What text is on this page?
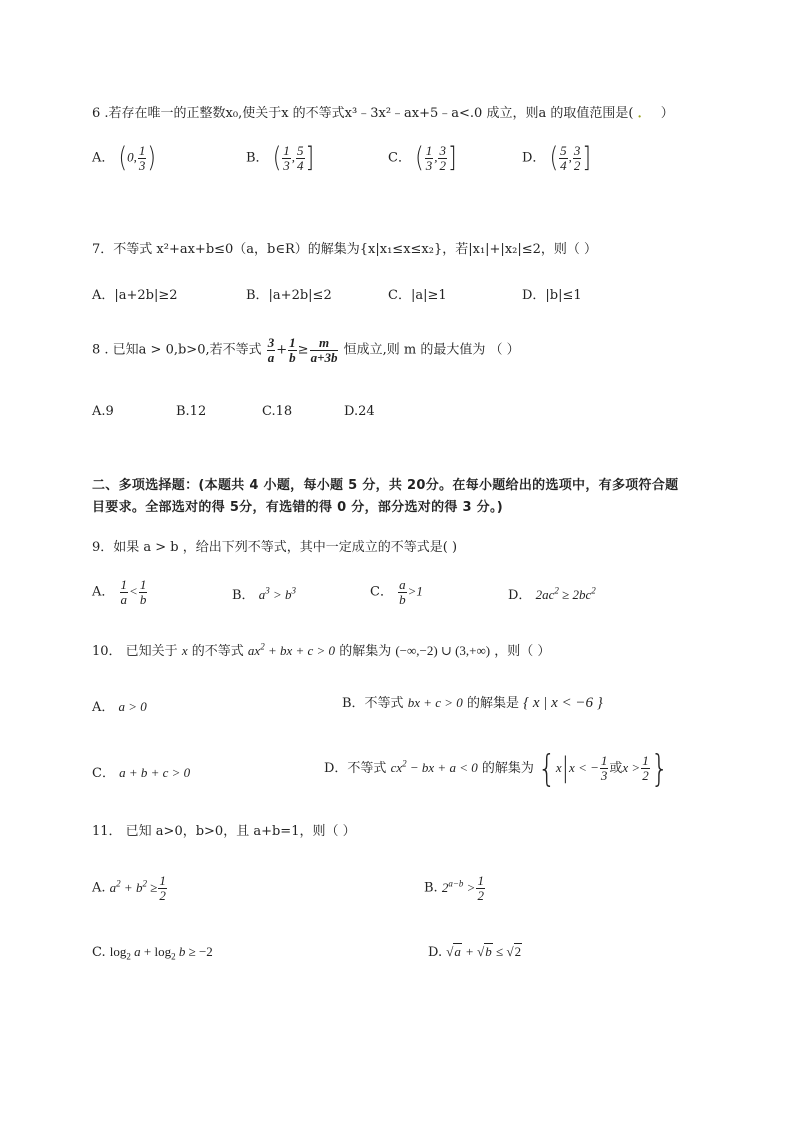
6 .若存在唯一的正整数x₀,使关于x 的不等式x³﹣3x²﹣ax+5﹣a<.0 成立，则a 的取值范围是( ． ）
A． (0, $\frac{1}{3}$ )	B． ( $\frac{1}{3}$ , $\frac{5}{4}$ ]	C． ( $\frac{1}{3}$ , $\frac{3}{2}$ ]	D． ( $\frac{5}{4}$ , $\frac{3}{2}$ ]
7．不等式 x²+ax+b≤0（a，b∈R）的解集为{x|x₁≤x≤x₂}，若|x₁|+|x₂|≤2，则（ ）
A．|a+2b|≥2	B．|a+2b|≤2	C．|a|≥1	D．|b|≤1
8 . 已知a > 0,b>0,若不等式 $\frac{3}{a} + \frac{1}{b} \ge \frac{m}{a+3b}$ 恒成立,则 m 的最大值为 （ ）
A.9	B.12	C.18	D.24
二、多项选择题：(本题共 4 小题，每小题 5 分，共 20分。在每小题给出的选项中，有多项符合题
目要求。全部选对的得 5分，有选错的得 0 分，部分选对的得 3 分。)
9．如果 a > b ，给出下列不等式，其中一定成立的不等式是( )
A． $\frac{1}{a} < \frac{1}{b}$	B． $a^3 > b^3$	C． $\frac{a}{b} >1$	D． $2ac^2 \ge 2bc^2$
10． 已知关于 x 的不等式 $ax^2$ + bx + c > 0 的解集为 (−∞,−2) ∪ (3,+∞) ，则（ ）
A． a > 0	B．不等式 bx + c > 0 的解集是 { x | x < −6 }
C． a + b + c > 0	D．不等式 $cx^2$ − bx + a < 0 的解集为 {x|x < − $\frac{1}{3}$ 或$x > \frac{1}{2}$ }
11． 已知 a>0，b>0，且 a+b=1，则（ ）
A. $a^2 + b^2 \ge \frac{1}{2}$	B. $2^{a-b} > \frac{1}{2}$
C. $\log_2 a + \log_2 b \ge -2$	D. √a + √b ≤ √2
